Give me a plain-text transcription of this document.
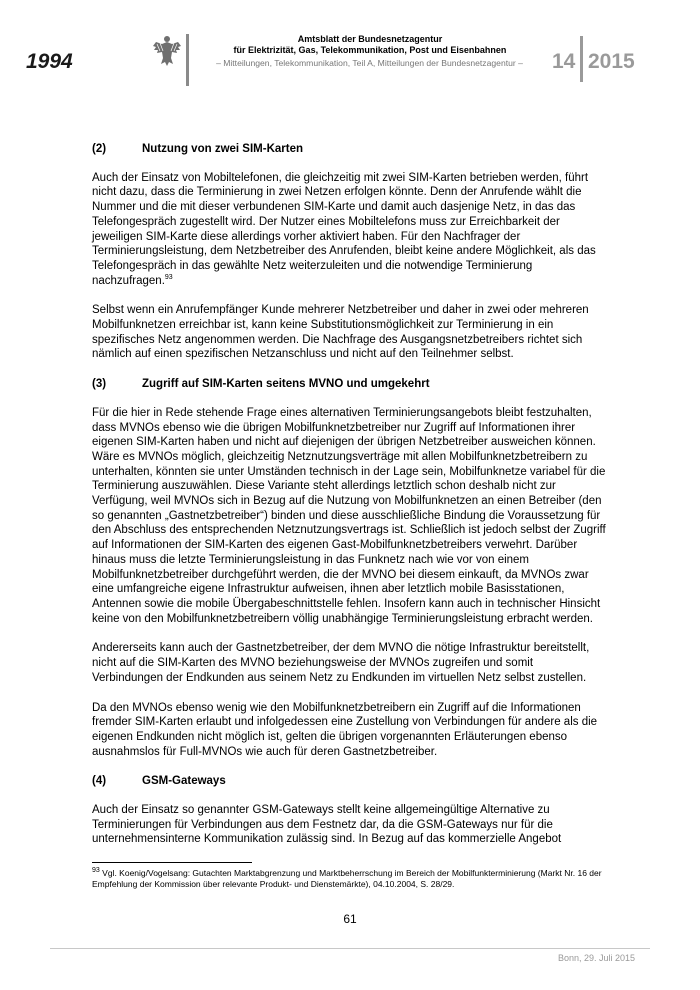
1994
Amtsblatt der Bundesnetzagentur
für Elektrizität, Gas, Telekommunikation, Post und Eisenbahnen
– Mitteilungen, Telekommunikation, Teil A, Mitteilungen der Bundesnetzagentur –	14 2015
(2)	Nutzung von zwei SIM-Karten

Auch der Einsatz von Mobiltelefonen, die gleichzeitig mit zwei SIM-Karten betrieben werden, führt nicht dazu, dass die Terminierung in zwei Netzen erfolgen könnte. Denn der Anrufende wählt die Nummer und die mit dieser verbundenen SIM-Karte und damit auch dasjenige Netz, in das das Telefongespräch zugestellt wird. Der Nutzer eines Mobiltelefons muss zur Erreichbarkeit der jeweiligen SIM-Karte diese allerdings vorher aktiviert haben. Für den Nachfrager der Terminierungsleistung, dem Netzbetreiber des Anrufenden, bleibt keine andere Möglichkeit, als das Telefongespräch in das gewählte Netz weiterzuleiten und die notwendige Terminierung nachzufragen.$^{93}$

Selbst wenn ein Anrufempfänger Kunde mehrerer Netzbetreiber und daher in zwei oder mehreren Mobilfunknetzen erreichbar ist, kann keine Substitutionsmöglichkeit zur Terminierung in ein spezifisches Netz angenommen werden. Die Nachfrage des Ausgangsnetzbetreibers richtet sich nämlich auf einen spezifischen Netzanschluss und nicht auf den Teilnehmer selbst.

(3)	Zugriff auf SIM-Karten seitens MVNO und umgekehrt

Für die hier in Rede stehende Frage eines alternativen Terminierungsangebots bleibt festzuhalten, dass MVNOs ebenso wie die übrigen Mobilfunknetzbetreiber nur Zugriff auf Informationen ihrer eigenen SIM-Karten haben und nicht auf diejenigen der übrigen Netzbetreiber ausweichen können. Wäre es MVNOs möglich, gleichzeitig Netznutzungsverträge mit allen Mobilfunknetzbetreibern zu unterhalten, könnten sie unter Umständen technisch in der Lage sein, Mobilfunknetze variabel für die Terminierung auszuwählen. Diese Variante steht allerdings letztlich schon deshalb nicht zur Verfügung, weil MVNOs sich in Bezug auf die Nutzung von Mobilfunknetzen an einen Betreiber (den so genannten „Gastnetzbetreiber“) binden und diese ausschließliche Bindung die Voraussetzung für den Abschluss des entsprechenden Netznutzungsvertrags ist. Schließlich ist jedoch selbst der Zugriff auf Informationen der SIM-Karten des eigenen Gast-Mobilfunknetzbetreibers verwehrt. Darüber hinaus muss die letzte Terminierungsleistung in das Funknetz nach wie vor von einem Mobilfunknetzbetreiber durchgeführt werden, die der MVNO bei diesem einkauft, da MVNOs zwar eine umfangreiche eigene Infrastruktur aufweisen, ihnen aber letztlich mobile Basisstationen, Antennen sowie die mobile Übergabeschnittstelle fehlen. Insofern kann auch in technischer Hinsicht keine von den Mobilfunknetzbetreibern völlig unabhängige Terminierungsleistung erbracht werden.

Andererseits kann auch der Gastnetzbetreiber, der dem MVNO die nötige Infrastruktur bereitstellt, nicht auf die SIM-Karten des MVNO beziehungsweise der MVNOs zugreifen und somit Verbindungen der Endkunden aus seinem Netz zu Endkunden im virtuellen Netz selbst zustellen.

Da den MVNOs ebenso wenig wie den Mobilfunknetzbetreibern ein Zugriff auf die Informationen fremder SIM-Karten erlaubt und infolgedessen eine Zustellung von Verbindungen für andere als die eigenen Endkunden nicht möglich ist, gelten die übrigen vorgenannten Erläuterungen ebenso ausnahmslos für Full-MVNOs wie auch für deren Gastnetzbetreiber.

(4)	GSM-Gateways

Auch der Einsatz so genannter GSM-Gateways stellt keine allgemeingültige Alternative zu Terminierungen für Verbindungen aus dem Festnetz dar, da die GSM-Gateways nur für die unternehmensinterne Kommunikation zulässig sind. In Bezug auf das kommerzielle Angebot

$^{93}$ Vgl. Koenig/Vogelsang: Gutachten Marktabgrenzung und Marktbeherrschung im Bereich der Mobilfunkterminierung (Markt Nr. 16 der Empfehlung der Kommission über relevante Produkt- und Dienstemärkte), 04.10.2004, S. 28/29.
61
Bonn, 29. Juli 2015
